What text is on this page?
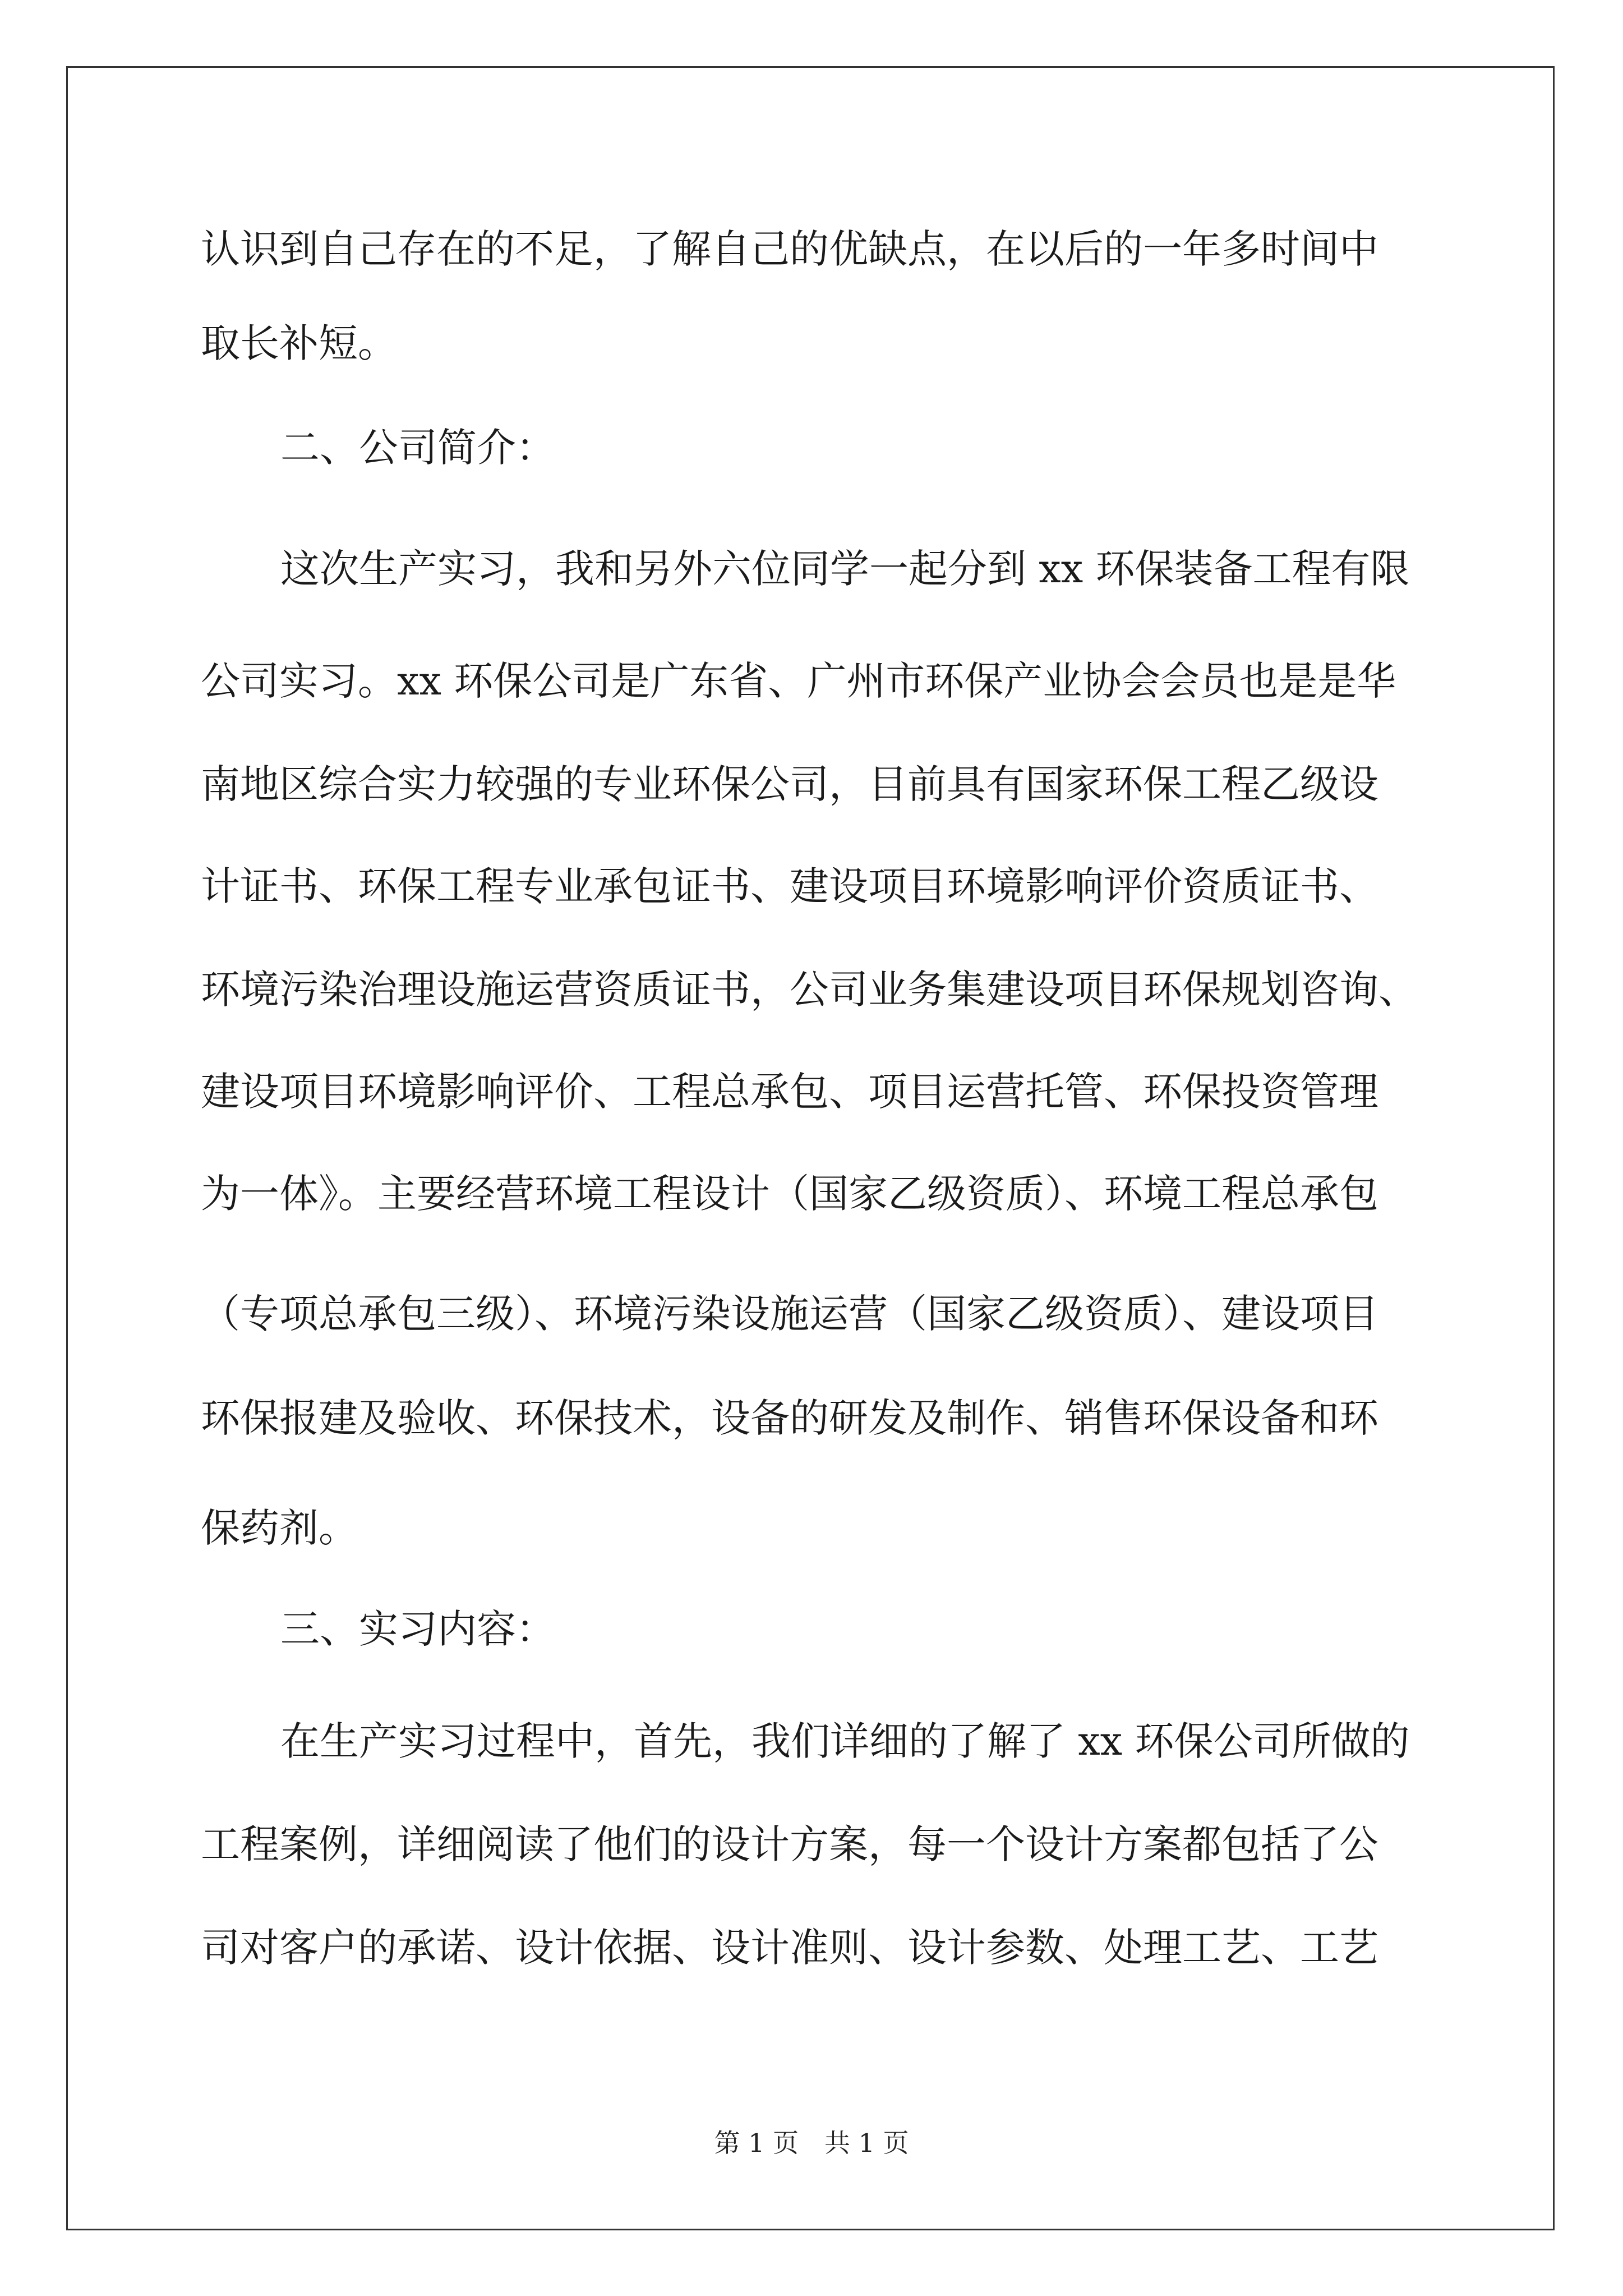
认识到自己存在的不足，了解自己的优缺点，在以后的一年多时间中
取长补短。
二、公司简介：
这次生产实习，我和另外六位同学一起分到 xx 环保装备工程有限
公司实习。xx 环保公司是广东省、广州市环保产业协会会员也是是华
南地区综合实力较强的专业环保公司，目前具有国家环保工程乙级设
计证书、环保工程专业承包证书、建设项目环境影响评价资质证书、
环境污染治理设施运营资质证书，公司业务集建设项目环保规划咨询、
建设项目环境影响评价、工程总承包、项目运营托管、环保投资管理
为一体》。主要经营环境工程设计（国家乙级资质）、环境工程总承包
（专项总承包三级）、环境污染设施运营（国家乙级资质）、建设项目
环保报建及验收、环保技术，设备的研发及制作、销售环保设备和环
保药剂。
三、实习内容：
在生产实习过程中，首先，我们详细的了解了 xx 环保公司所做的
工程案例，详细阅读了他们的设计方案，每一个设计方案都包括了公
司对客户的承诺、设计依据、设计准则、设计参数、处理工艺、工艺
第 1 页　共 1 页
